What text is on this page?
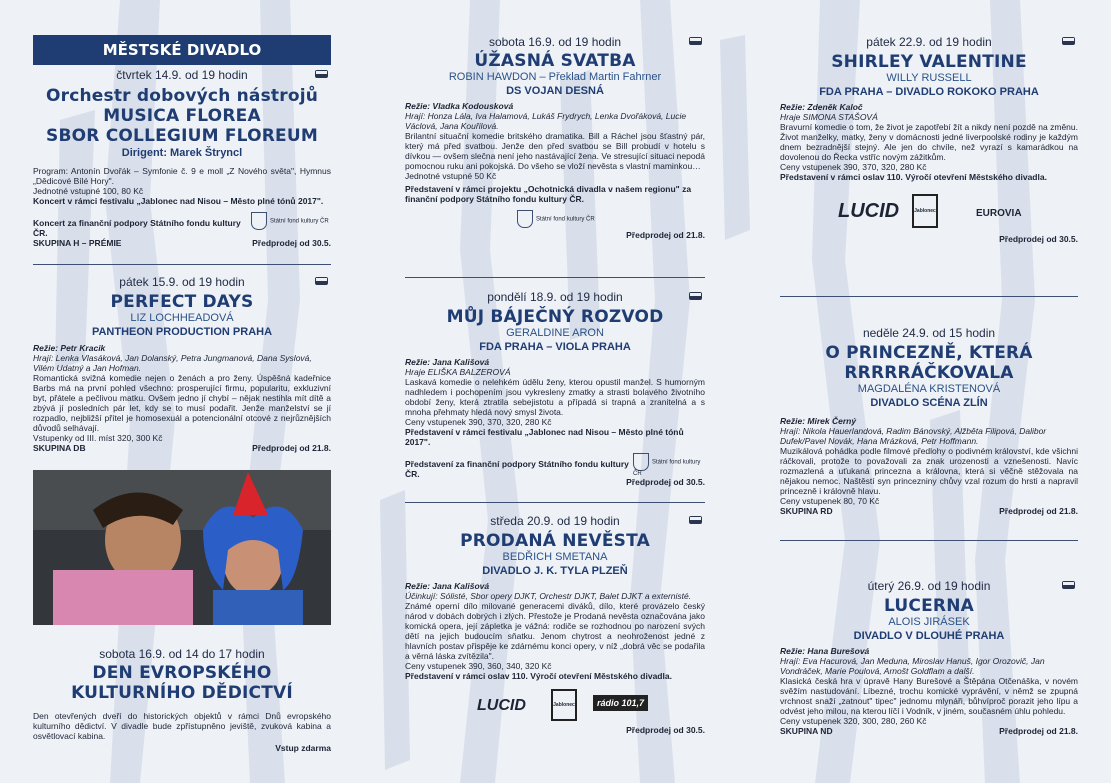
MĚSTSKÉ DIVADLO
čtvrtek 14.9. od 19 hodin
Orchestr dobových nástrojů
MUSICA FLOREA
SBOR COLLEGIUM FLOREUM
Dirigent: Marek Štryncl
Program: Antonín Dvořák – Symfonie č. 9 e moll „Z Nového světa", Hymnus „Dědicové Bílé Hory".
Jednotné vstupné 100, 80 Kč
Koncert v rámci festivalu „Jablonec nad Nisou – Město plné tónů 2017".
Koncert za finanční podpory Státního fondu kultury ČR.
Státní fond kultury ČR
SKUPINA H – PRÉMIE	Předprodej od 30.5.
pátek 15.9. od 19 hodin
PERFECT DAYS
LIZ LOCHHEADOVÁ
PANTHEON PRODUCTION PRAHA
Režie: Petr Kracik
Hrají: Lenka Vlasáková, Jan Dolanský, Petra Jungmanová, Dana Syslová, Vilém Udatný a Jan Hofman.
Romantická svižná komedie nejen o ženách a pro ženy. Úspěšná kadeřnice Barbs má na první pohled všechno: prosperující firmu, popularitu, exkluzivní byt, přátele a pečlivou matku. Ovšem jedno jí chybí – nějak nestihla mít dítě a zbývá jí posledních pár let, kdy se to musí podařit. Jenže manželství se jí rozpadlo, nejbližší přítel je homosexuál a potencionální otcové z nejrůznějších důvodů selhávají.
Vstupenky od III. míst 320, 300 Kč
SKUPINA DB	Předprodej od 21.8.
sobota 16.9. od 14 do 17 hodin
DEN EVROPSKÉHO
KULTURNÍHO DĚDICTVÍ
Den otevřených dveří do historických objektů v rámci Dnů evropského kulturního dědictví. V divadle bude zpřístupněno jeviště, zvuková kabina a osvětlovací kabina.
Vstup zdarma
sobota 16.9. od 19 hodin
ÚŽASNÁ SVATBA
ROBIN HAWDON – Překlad Martin Fahrner
DS VOJAN DESNÁ
Režie: Vladka Kodousková
Hrají: Honza Lála, Iva Halamová, Lukáš Frydrych, Lenka Dvořáková, Lucie Václová, Jana Kouřilová.
Brilantní situační komedie britského dramatika. Bill a Ráchel jsou šťastný pár, který má před svatbou. Jenže den před svatbou se Bill probudí v hotelu s dívkou — ovšem slečna není jeho nastávající žena. Ve stresující situaci nepodá pomocnou ruku ani pokojská. Do všeho se vloží nevěsta s vlastní maminkou…
Jednotné vstupné 50 Kč
Představení v rámci projektu „Ochotnická divadla v našem regionu" za finanční podpory Státního fondu kultury ČR.
Státní fond kultury ČR
Předprodej od 21.8.
pondělí 18.9. od 19 hodin
MŮJ BÁJEČNÝ ROZVOD
GERALDINE ARON
FDA PRAHA – VIOLA PRAHA
Režie: Jana Kališová
Hraje ELIŠKA BALZEROVÁ
Laskavá komedie o nelehkém údělu ženy, kterou opustil manžel. S humorným nadhledem i pochopením jsou vykresleny zmatky a strasti bolavého životního období ženy, která ztratila sebejistotu a případá si trapná a zranitelná a s mnoha přehmaty hledá nový smysl života.
Ceny vstupenek 390, 370, 320, 280 Kč
Představení v rámci festivalu „Jablonec nad Nisou – Město plné tónů 2017".
Představení za finanční podpory Státního fondu kultury ČR.
Státní fond kultury ČR
Předprodej od 30.5.
středa 20.9. od 19 hodin
PRODANÁ NEVĚSTA
BEDŘICH SMETANA
DIVADLO J. K. TYLA PLZEŇ
Režie: Jana Kališová
Účinkují: Sólisté, Sbor opery DJKT, Orchestr DJKT, Balet DJKT a externisté.
Známé operní dílo milované generacemi diváků, dílo, které provázelo český národ v dobách dobrých i zlých. Přestože je Prodaná nevěsta označována jako komická opera, její zápletka je vážná: rodiče se rozhodnou po narození svých dětí na jejich budoucím sňatku. Jenom chytrost a neohroženost jedné z hlavních postav přispěje ke zdárnému konci opery, v níž „dobrá věc se podařila a věrná láska zvítězila".
Ceny vstupenek 390, 360, 340, 320 Kč
Představení v rámci oslav 110. Výročí otevření Městského divadla.
LUCID	Jablonec	rádio 101,7
Předprodej od 30.5.
pátek 22.9. od 19 hodin
SHIRLEY VALENTINE
WILLY RUSSELL
FDA PRAHA – DIVADLO ROKOKO PRAHA
Režie: Zdeněk Kaloč
Hraje SIMONA STAŠOVÁ
Bravurní komedie o tom, že život je zapotřebí žít a nikdy není pozdě na změnu. Život manželky, matky, ženy v domácnosti jedné liverpoolské rodiny je každým dnem bezradnější stejný. Ale jen do chvíle, než vyrazí s kamarádkou na dovolenou do Řecka vstříc novým zážitkům.
Ceny vstupenek 390, 370, 320, 280 Kč
Představení v rámci oslav 110. Výročí otevření Městského divadla.
LUCID	Jablonec	EUROVIA
Předprodej od 30.5.
neděle 24.9. od 15 hodin
O PRINCEZNĚ, KTERÁ
RRRRRÁČKOVALA
MAGDALÉNA KRISTENOVÁ
DIVADLO SCÉNA ZLÍN
Režie: Mirek Černý
Hrají: Nikola Hauerlandová, Radim Bánovský, Alžběta Filipová, Dalibor Dufek/Pavel Novák, Hana Mrázková, Petr Hoffmann.
Muzikálová pohádka podle filmové předlohy o podivném království, kde všichni ráčkovali, protože to považovali za znak urozenosti a vznešenosti. Navíc rozmazlená a uťukaná princezna a královna, která si věčně stěžovala na nějakou nemoc. Naštěstí syn princezniny chůvy vzal rozum do hrsti a napravil princezně i královně hlavu.
Ceny vstupenek 80, 70 Kč
SKUPINA RD	Předprodej od 21.8.
úterý 26.9. od 19 hodin
LUCERNA
ALOIS JIRÁSEK
DIVADLO V DLOUHÉ PRAHA
Režie: Hana Burešová
Hrají: Eva Hacurová, Jan Meduna, Miroslav Hanuš, Igor Orozovič, Jan Vondráček, Marie Poulová, Arnošt Goldflam a další.
Klasická česká hra v úpravě Hany Burešové a Štěpána Otčenáška, v novém svěžím nastudování. Líbezné, trochu komické vyprávění, v němž se zpupná vrchnost snaží „zatnout" tipec" jednomu mlynáři, bůhvíproč porazit jeho lípu a odvést jeho milou, na kterou líčí i Vodník, v jiném, současném úhlu pohledu.
Ceny vstupenek 320, 300, 280, 260 Kč
SKUPINA ND	Předprodej od 21.8.
